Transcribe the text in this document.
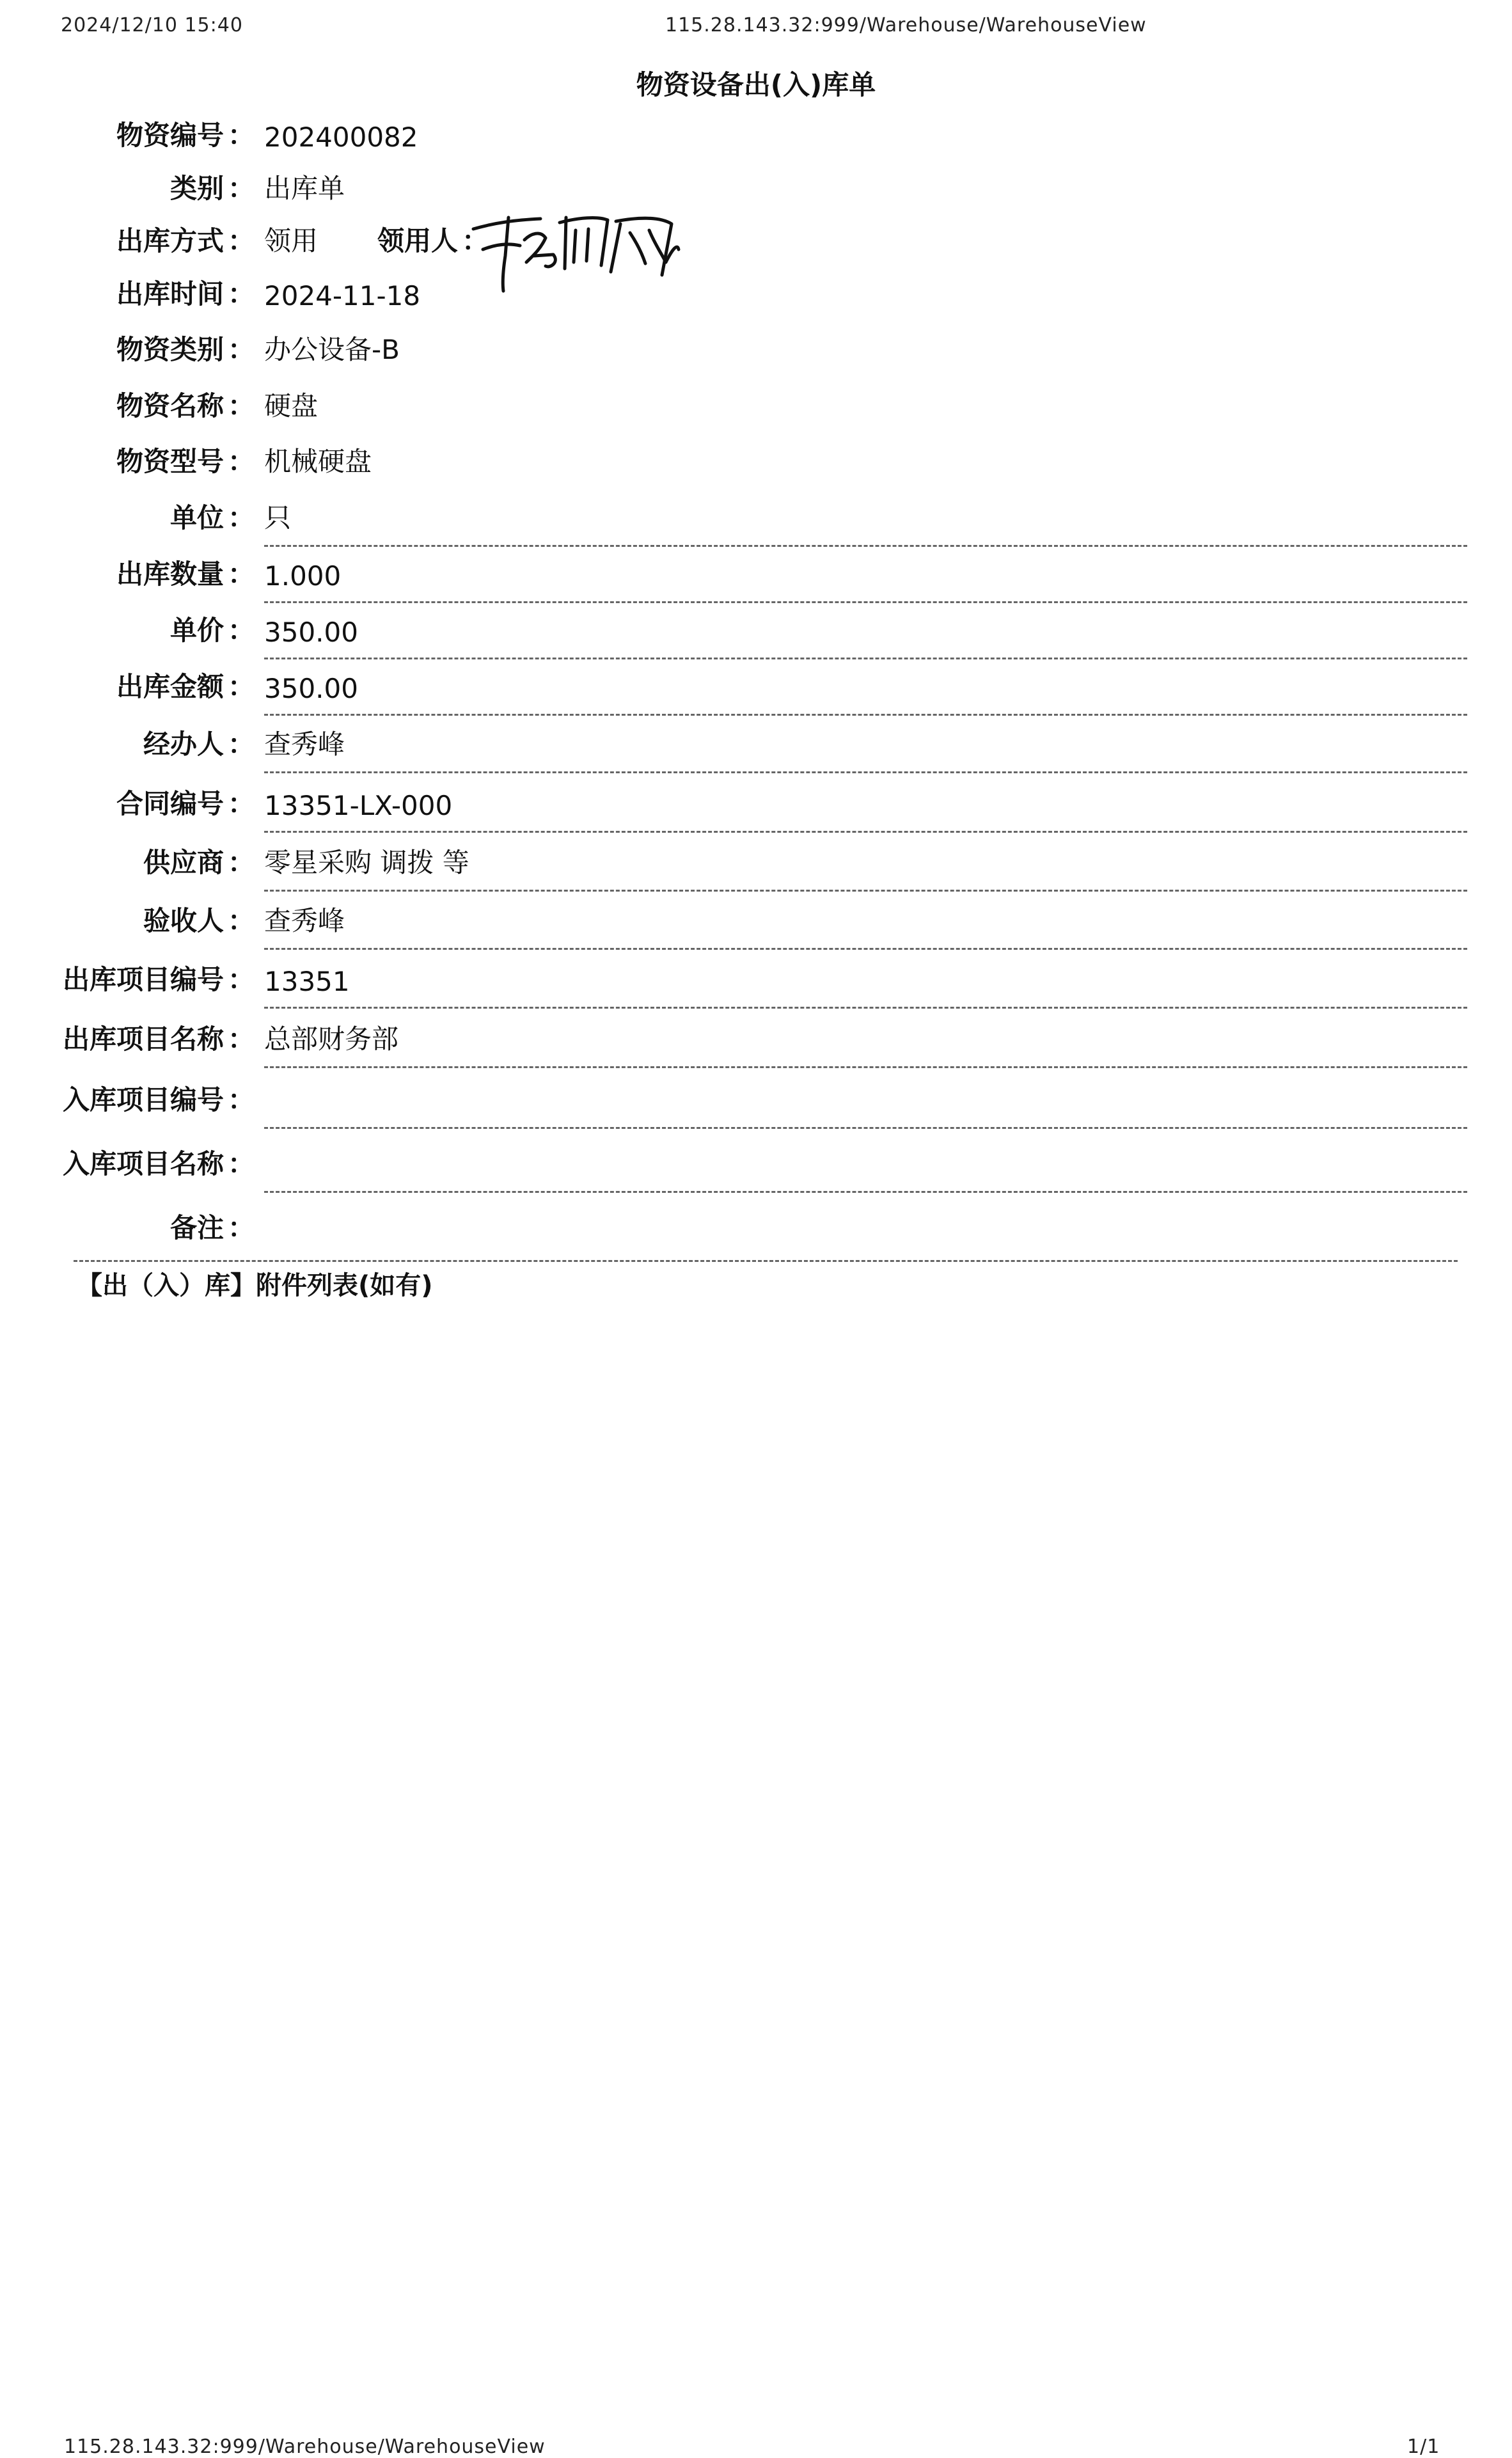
2024/12/10 15:40	115.28.143.32:999/Warehouse/WarehouseView
物资设备出(入)库单
物资编号 ： 202400082
类别 ： 出库单
出库方式 ： 领用 领用人 ：
出库时间 ： 2024-11-18
物资类别 ： 办公设备-B
物资名称 ： 硬盘
物资型号 ： 机械硬盘
单位 ： 只
出库数量 ： 1.000
单价 ： 350.00
出库金额 ： 350.00
经办人 ： 查秀峰
合同编号 ： 13351-LX-000
供应商 ： 零星采购 调拨 等
验收人 ： 查秀峰
出库项目编号 ： 13351
出库项目名称 ： 总部财务部
入库项目编号 ：
入库项目名称 ：
备注 ：
【出（入）库】附件列表(如有)
115.28.143.32:999/Warehouse/WarehouseView	1/1
